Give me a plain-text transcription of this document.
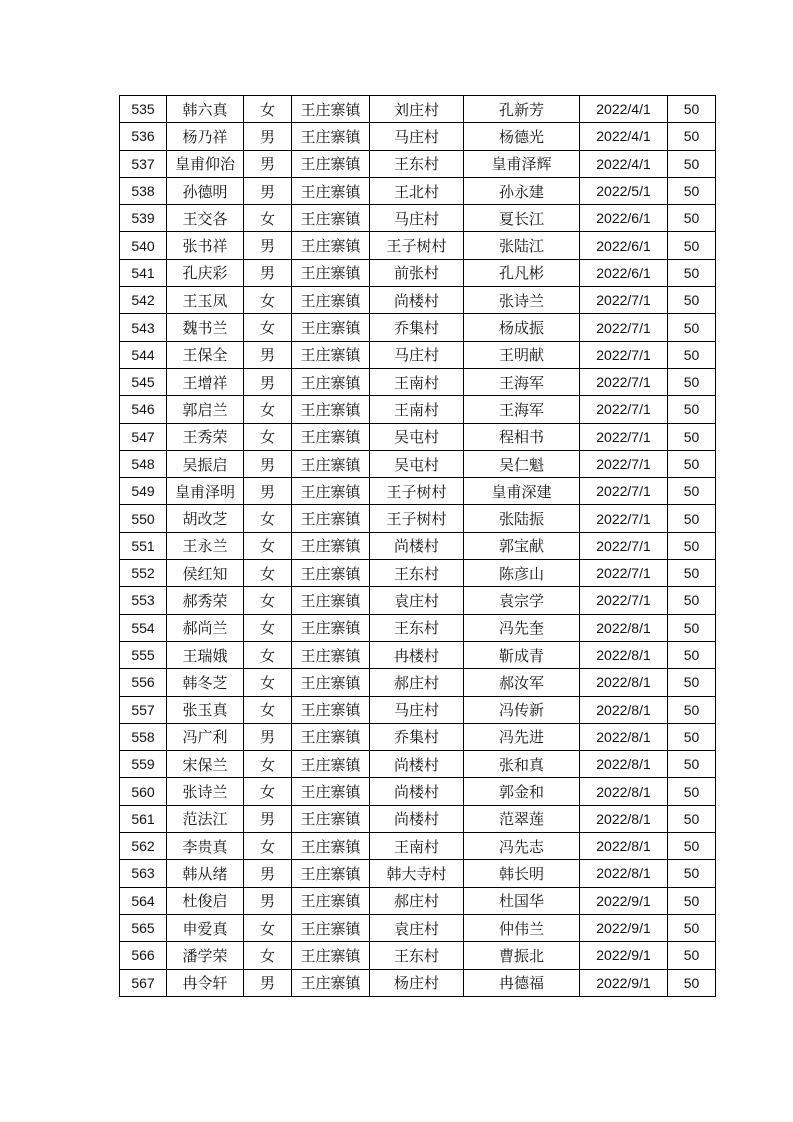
535	韩六真	女	王庄寨镇	刘庄村	孔新芳	2022/4/1	50
536	杨乃祥	男	王庄寨镇	马庄村	杨德光	2022/4/1	50
537	皇甫仰治	男	王庄寨镇	王东村	皇甫泽辉	2022/4/1	50
538	孙德明	男	王庄寨镇	王北村	孙永建	2022/5/1	50
539	王交各	女	王庄寨镇	马庄村	夏长江	2022/6/1	50
540	张书祥	男	王庄寨镇	王子树村	张陆江	2022/6/1	50
541	孔庆彩	男	王庄寨镇	前张村	孔凡彬	2022/6/1	50
542	王玉凤	女	王庄寨镇	尚楼村	张诗兰	2022/7/1	50
543	魏书兰	女	王庄寨镇	乔集村	杨成振	2022/7/1	50
544	王保全	男	王庄寨镇	马庄村	王明献	2022/7/1	50
545	王增祥	男	王庄寨镇	王南村	王海军	2022/7/1	50
546	郭启兰	女	王庄寨镇	王南村	王海军	2022/7/1	50
547	王秀荣	女	王庄寨镇	吴屯村	程相书	2022/7/1	50
548	吴振启	男	王庄寨镇	吴屯村	吴仁魁	2022/7/1	50
549	皇甫泽明	男	王庄寨镇	王子树村	皇甫深建	2022/7/1	50
550	胡改芝	女	王庄寨镇	王子树村	张陆振	2022/7/1	50
551	王永兰	女	王庄寨镇	尚楼村	郭宝献	2022/7/1	50
552	侯红知	女	王庄寨镇	王东村	陈彦山	2022/7/1	50
553	郝秀荣	女	王庄寨镇	袁庄村	袁宗学	2022/7/1	50
554	郝尚兰	女	王庄寨镇	王东村	冯先奎	2022/8/1	50
555	王瑞娥	女	王庄寨镇	冉楼村	靳成青	2022/8/1	50
556	韩冬芝	女	王庄寨镇	郝庄村	郝汝军	2022/8/1	50
557	张玉真	女	王庄寨镇	马庄村	冯传新	2022/8/1	50
558	冯广利	男	王庄寨镇	乔集村	冯先进	2022/8/1	50
559	宋保兰	女	王庄寨镇	尚楼村	张和真	2022/8/1	50
560	张诗兰	女	王庄寨镇	尚楼村	郭金和	2022/8/1	50
561	范法江	男	王庄寨镇	尚楼村	范翠莲	2022/8/1	50
562	李贵真	女	王庄寨镇	王南村	冯先志	2022/8/1	50
563	韩从绪	男	王庄寨镇	韩大寺村	韩长明	2022/8/1	50
564	杜俊启	男	王庄寨镇	郝庄村	杜国华	2022/9/1	50
565	申爱真	女	王庄寨镇	袁庄村	仲伟兰	2022/9/1	50
566	潘学荣	女	王庄寨镇	王东村	曹振北	2022/9/1	50
567	冉令轩	男	王庄寨镇	杨庄村	冉德福	2022/9/1	50
